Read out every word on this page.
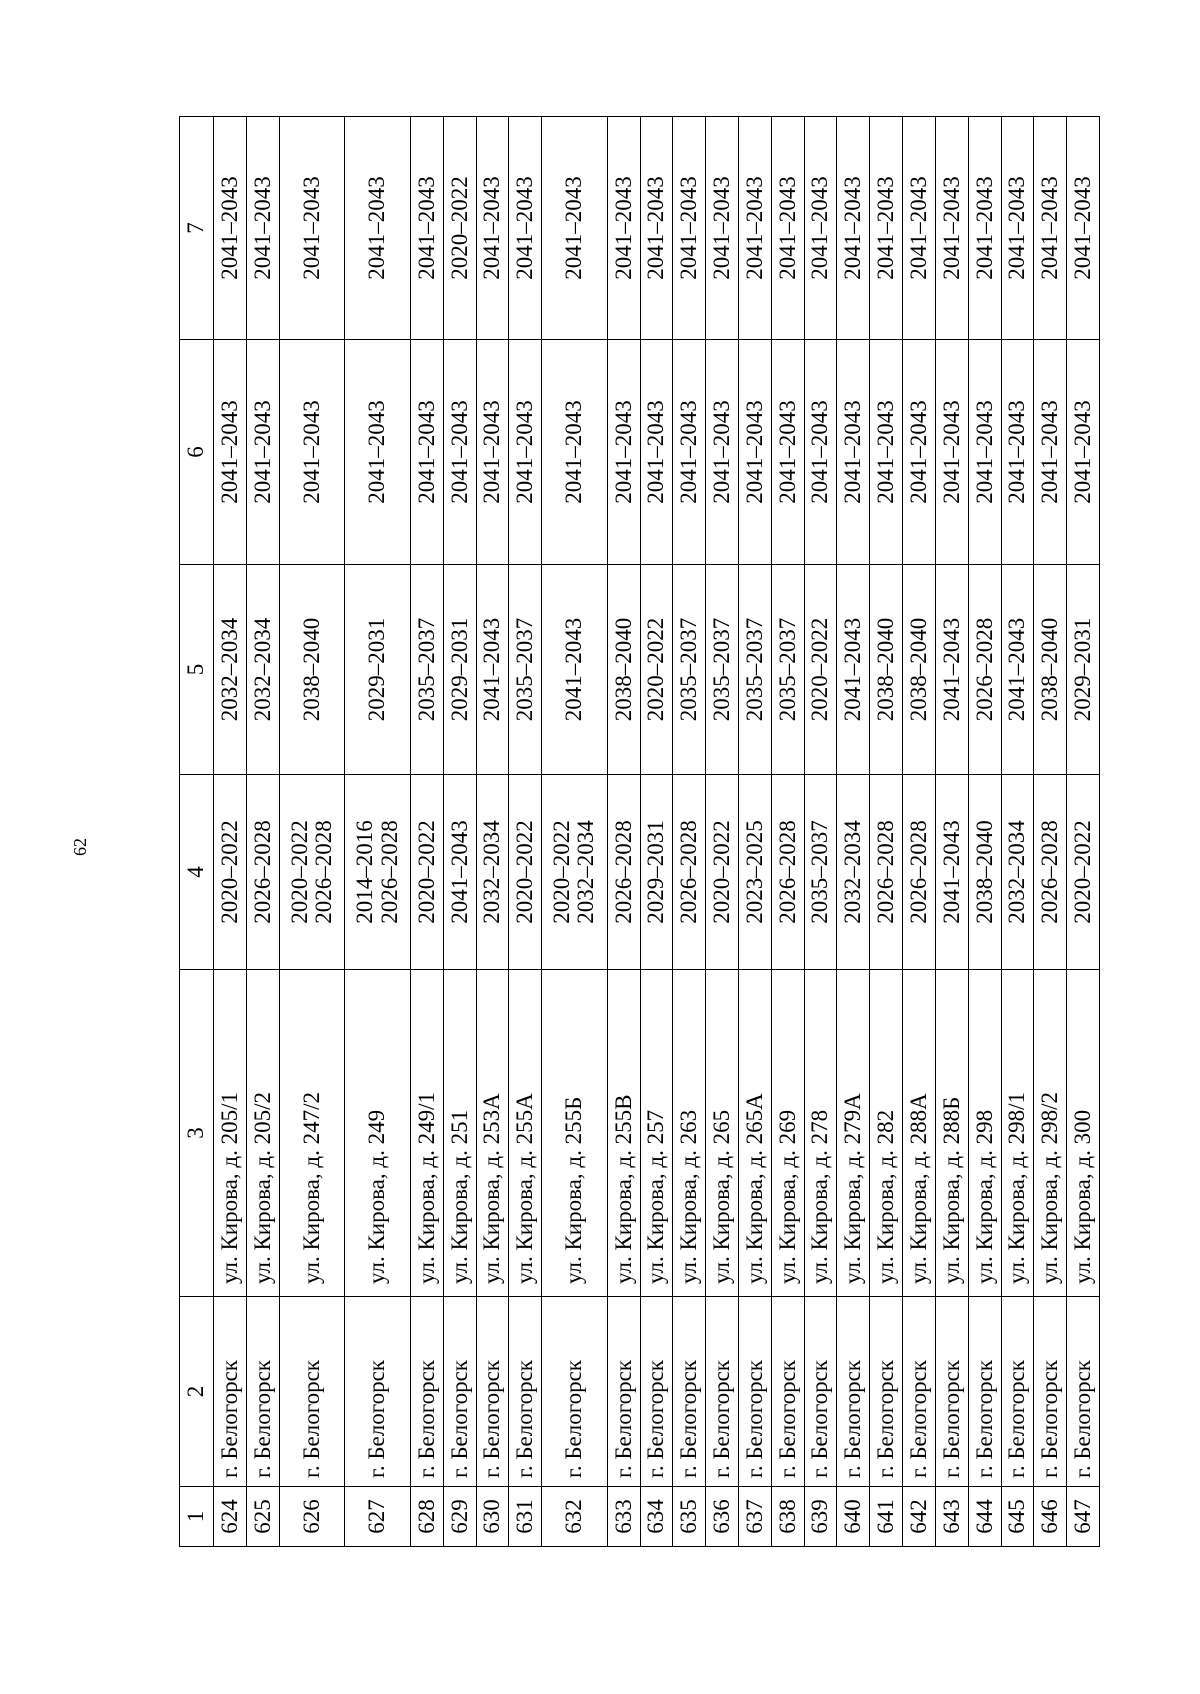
62
1	2	3	4	5	6	7
624	г. Белогорск	ул. Кирова, д. 205/1	2020–2022	2032–2034	2041–2043	2041–2043
625	г. Белогорск	ул. Кирова, д. 205/2	2026–2028	2032–2034	2041–2043	2041–2043
626	г. Белогорск	ул. Кирова, д. 247/2	2020–2022 2026–2028	2038–2040	2041–2043	2041–2043
627	г. Белогорск	ул. Кирова, д. 249	2014–2016 2026–2028	2029–2031	2041–2043	2041–2043
628	г. Белогорск	ул. Кирова, д. 249/1	2020–2022	2035–2037	2041–2043	2041–2043
629	г. Белогорск	ул. Кирова, д. 251	2041–2043	2029–2031	2041–2043	2020–2022
630	г. Белогорск	ул. Кирова, д. 253А	2032–2034	2041–2043	2041–2043	2041–2043
631	г. Белогорск	ул. Кирова, д. 255А	2020–2022	2035–2037	2041–2043	2041–2043
632	г. Белогорск	ул. Кирова, д. 255Б	2020–2022 2032–2034	2041–2043	2041–2043	2041–2043
633	г. Белогорск	ул. Кирова, д. 255В	2026–2028	2038–2040	2041–2043	2041–2043
634	г. Белогорск	ул. Кирова, д. 257	2029–2031	2020–2022	2041–2043	2041–2043
635	г. Белогорск	ул. Кирова, д. 263	2026–2028	2035–2037	2041–2043	2041–2043
636	г. Белогорск	ул. Кирова, д. 265	2020–2022	2035–2037	2041–2043	2041–2043
637	г. Белогорск	ул. Кирова, д. 265А	2023–2025	2035–2037	2041–2043	2041–2043
638	г. Белогорск	ул. Кирова, д. 269	2026–2028	2035–2037	2041–2043	2041–2043
639	г. Белогорск	ул. Кирова, д. 278	2035–2037	2020–2022	2041–2043	2041–2043
640	г. Белогорск	ул. Кирова, д. 279А	2032–2034	2041–2043	2041–2043	2041–2043
641	г. Белогорск	ул. Кирова, д. 282	2026–2028	2038–2040	2041–2043	2041–2043
642	г. Белогорск	ул. Кирова, д. 288А	2026–2028	2038–2040	2041–2043	2041–2043
643	г. Белогорск	ул. Кирова, д. 288Б	2041–2043	2041–2043	2041–2043	2041–2043
644	г. Белогорск	ул. Кирова, д. 298	2038–2040	2026–2028	2041–2043	2041–2043
645	г. Белогорск	ул. Кирова, д. 298/1	2032–2034	2041–2043	2041–2043	2041–2043
646	г. Белогорск	ул. Кирова, д. 298/2	2026–2028	2038–2040	2041–2043	2041–2043
647	г. Белогорск	ул. Кирова, д. 300	2020–2022	2029–2031	2041–2043	2041–2043
